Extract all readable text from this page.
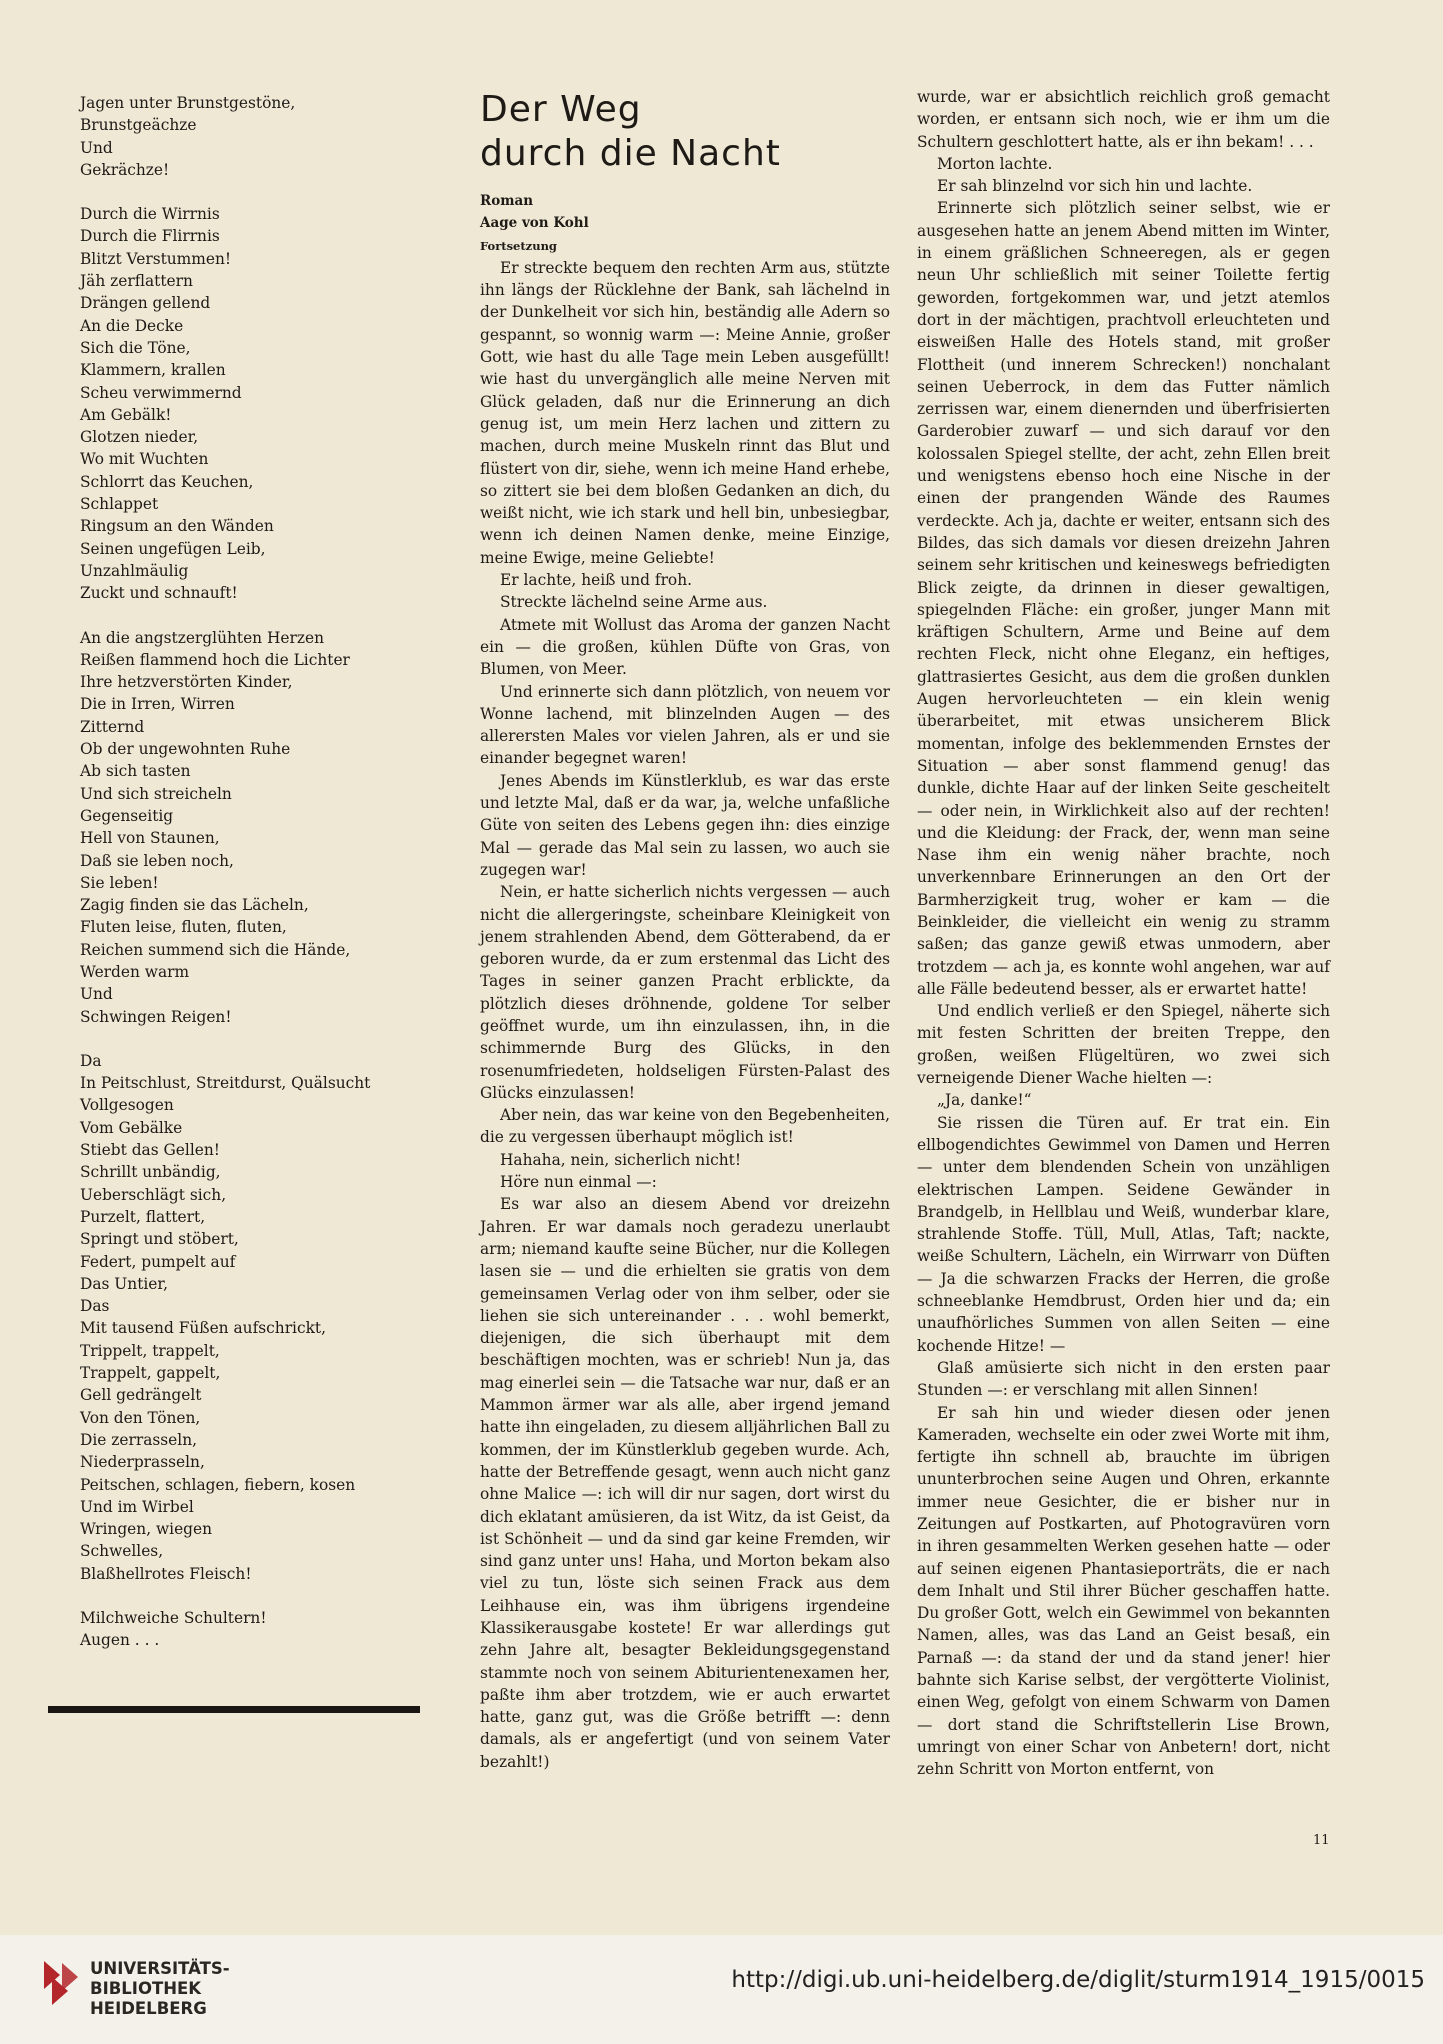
Jagen unter Brunstgestöne,
Brunstgeächze
Und
Gekrächze!
Durch die Wirrnis
Durch die Flirrnis
Blitzt Verstummen!
Jäh zerflattern
Drängen gellend
An die Decke
Sich die Töne,
Klammern, krallen
Scheu verwimmernd
Am Gebälk!
Glotzen nieder,
Wo mit Wuchten
Schlorrt das Keuchen,
Schlappet
Ringsum an den Wänden
Seinen ungefügen Leib,
Unzahlmäulig
Zuckt und schnauft!
An die angstzerglühten Herzen
Reißen flammend hoch die Lichter
Ihre hetzverstörten Kinder,
Die in Irren, Wirren
Zitternd
Ob der ungewohnten Ruhe
Ab sich tasten
Und sich streicheln
Gegenseitig
Hell von Staunen,
Daß sie leben noch,
Sie leben!
Zagig finden sie das Lächeln,
Fluten leise, fluten, fluten,
Reichen summend sich die Hände,
Werden warm
Und
Schwingen Reigen!
Da
In Peitschlust, Streitdurst, Quälsucht
Vollgesogen
Vom Gebälke
Stiebt das Gellen!
Schrillt unbändig,
Ueberschlägt sich,
Purzelt, flattert,
Springt und stöbert,
Federt, pumpelt auf
Das Untier,
Das
Mit tausend Füßen aufschrickt,
Trippelt, trappelt,
Trappelt, gappelt,
Gell gedrängelt
Von den Tönen,
Die zerrasseln,
Niederprasseln,
Peitschen, schlagen, fiebern, kosen
Und im Wirbel
Wringen, wiegen
Schwelles,
Blaßhellrotes Fleisch!
Milchweiche Schultern!
Augen . . .
Der Weg
durch die Nacht

Roman

Aage von Kohl

Fortsetzung

Er streckte bequem den rechten Arm aus, stützte ihn längs der Rücklehne der Bank, sah lächelnd in der Dunkelheit vor sich hin, beständig alle Adern so gespannt, so wonnig warm —: Meine Annie, großer Gott, wie hast du alle Tage mein Leben ausgefüllt! wie hast du unvergänglich alle meine Nerven mit Glück geladen, daß nur die Erinnerung an dich genug ist, um mein Herz lachen und zittern zu machen, durch meine Muskeln rinnt das Blut und flüstert von dir, siehe, wenn ich meine Hand erhebe, so zittert sie bei dem bloßen Gedanken an dich, du weißt nicht, wie ich stark und hell bin, unbesiegbar, wenn ich deinen Namen denke, meine Einzige, meine Ewige, meine Geliebte!

Er lachte, heiß und froh.

Streckte lächelnd seine Arme aus.

Atmete mit Wollust das Aroma der ganzen Nacht ein — die großen, kühlen Düfte von Gras, von Blumen, von Meer.

Und erinnerte sich dann plötzlich, von neuem vor Wonne lachend, mit blinzelnden Augen — des allerersten Males vor vielen Jahren, als er und sie einander begegnet waren!

Jenes Abends im Künstlerklub, es war das erste und letzte Mal, daß er da war, ja, welche unfaßliche Güte von seiten des Lebens gegen ihn: dies einzige Mal — gerade das Mal sein zu lassen, wo auch sie zugegen war!

Nein, er hatte sicherlich nichts vergessen — auch nicht die allergeringste, scheinbare Kleinigkeit von jenem strahlenden Abend, dem Götterabend, da er geboren wurde, da er zum erstenmal das Licht des Tages in seiner ganzen Pracht erblickte, da plötzlich dieses dröhnende, goldene Tor selber geöffnet wurde, um ihn einzulassen, ihn, in die schimmernde Burg des Glücks, in den rosenumfriedeten, holdseligen Fürsten-Palast des Glücks einzulassen!

Aber nein, das war keine von den Begebenheiten, die zu vergessen überhaupt möglich ist!

Hahaha, nein, sicherlich nicht!

Höre nun einmal —:

Es war also an diesem Abend vor dreizehn Jahren. Er war damals noch geradezu unerlaubt arm; niemand kaufte seine Bücher, nur die Kollegen lasen sie — und die erhielten sie gratis von dem gemeinsamen Verlag oder von ihm selber, oder sie liehen sie sich untereinander . . . wohl bemerkt, diejenigen, die sich überhaupt mit dem beschäftigen mochten, was er schrieb! Nun ja, das mag einerlei sein — die Tatsache war nur, daß er an Mammon ärmer war als alle, aber irgend jemand hatte ihn eingeladen, zu diesem alljährlichen Ball zu kommen, der im Künstlerklub gegeben wurde. Ach, hatte der Betreffende gesagt, wenn auch nicht ganz ohne Malice —: ich will dir nur sagen, dort wirst du dich eklatant amüsieren, da ist Witz, da ist Geist, da ist Schönheit — und da sind gar keine Fremden, wir sind ganz unter uns! Haha, und Morton bekam also viel zu tun, löste sich seinen Frack aus dem Leihhause ein, was ihm übrigens irgendeine Klassikerausgabe kostete! Er war allerdings gut zehn Jahre alt, besagter Bekleidungsgegenstand stammte noch von seinem Abiturientenexamen her, paßte ihm aber trotzdem, wie er auch erwartet hatte, ganz gut, was die Größe betrifft —: denn damals, als er angefertigt (und von seinem Vater bezahlt!)

wurde, war er absichtlich reichlich groß gemacht worden, er entsann sich noch, wie er ihm um die Schultern geschlottert hatte, als er ihn bekam! . . .

Morton lachte.

Er sah blinzelnd vor sich hin und lachte.

Erinnerte sich plötzlich seiner selbst, wie er ausgesehen hatte an jenem Abend mitten im Winter, in einem gräßlichen Schneeregen, als er gegen neun Uhr schließlich mit seiner Toilette fertig geworden, fortgekommen war, und jetzt atemlos dort in der mächtigen, prachtvoll erleuchteten und eisweißen Halle des Hotels stand, mit großer Flottheit (und innerem Schrecken!) nonchalant seinen Ueberrock, in dem das Futter nämlich zerrissen war, einem dienernden und überfrisierten Garderobier zuwarf — und sich darauf vor den kolossalen Spiegel stellte, der acht, zehn Ellen breit und wenigstens ebenso hoch eine Nische in der einen der prangenden Wände des Raumes verdeckte. Ach ja, dachte er weiter, entsann sich des Bildes, das sich damals vor diesen dreizehn Jahren seinem sehr kritischen und keineswegs befriedigten Blick zeigte, da drinnen in dieser gewaltigen, spiegelnden Fläche: ein großer, junger Mann mit kräftigen Schultern, Arme und Beine auf dem rechten Fleck, nicht ohne Eleganz, ein heftiges, glattrasiertes Gesicht, aus dem die großen dunklen Augen hervorleuchteten — ein klein wenig überarbeitet, mit etwas unsicherem Blick momentan, infolge des beklemmenden Ernstes der Situation — aber sonst flammend genug! das dunkle, dichte Haar auf der linken Seite gescheitelt — oder nein, in Wirklichkeit also auf der rechten! und die Kleidung: der Frack, der, wenn man seine Nase ihm ein wenig näher brachte, noch unverkennbare Erinnerungen an den Ort der Barmherzigkeit trug, woher er kam — die Beinkleider, die vielleicht ein wenig zu stramm saßen; das ganze gewiß etwas unmodern, aber trotzdem — ach ja, es konnte wohl angehen, war auf alle Fälle bedeutend besser, als er erwartet hatte!

Und endlich verließ er den Spiegel, näherte sich mit festen Schritten der breiten Treppe, den großen, weißen Flügeltüren, wo zwei sich verneigende Diener Wache hielten —:

„Ja, danke!“

Sie rissen die Türen auf. Er trat ein. Ein ellbogendichtes Gewimmel von Damen und Herren — unter dem blendenden Schein von unzähligen elektrischen Lampen. Seidene Gewänder in Brandgelb, in Hellblau und Weiß, wunderbar klare, strahlende Stoffe. Tüll, Mull, Atlas, Taft; nackte, weiße Schultern, Lächeln, ein Wirrwarr von Düften — Ja die schwarzen Fracks der Herren, die große schneeblanke Hemdbrust, Orden hier und da; ein unaufhörliches Summen von allen Seiten — eine kochende Hitze! —

Glaß amüsierte sich nicht in den ersten paar Stunden —: er verschlang mit allen Sinnen!

Er sah hin und wieder diesen oder jenen Kameraden, wechselte ein oder zwei Worte mit ihm, fertigte ihn schnell ab, brauchte im übrigen ununterbrochen seine Augen und Ohren, erkannte immer neue Gesichter, die er bisher nur in Zeitungen auf Postkarten, auf Photogravüren vorn in ihren gesammelten Werken gesehen hatte — oder auf seinen eigenen Phantasieporträts, die er nach dem Inhalt und Stil ihrer Bücher geschaffen hatte. Du großer Gott, welch ein Gewimmel von bekannten Namen, alles, was das Land an Geist besaß, ein Parnaß —: da stand der und da stand jener! hier bahnte sich Karise selbst, der vergötterte Violinist, einen Weg, gefolgt von einem Schwarm von Damen — dort stand die Schriftstellerin Lise Brown, umringt von einer Schar von Anbetern! dort, nicht zehn Schritt von Morton entfernt, von

11
UNIVERSITÄTS-
BIBLIOTHEK
HEIDELBERG
http://digi.ub.uni-heidelberg.de/diglit/sturm1914_1915/0015
